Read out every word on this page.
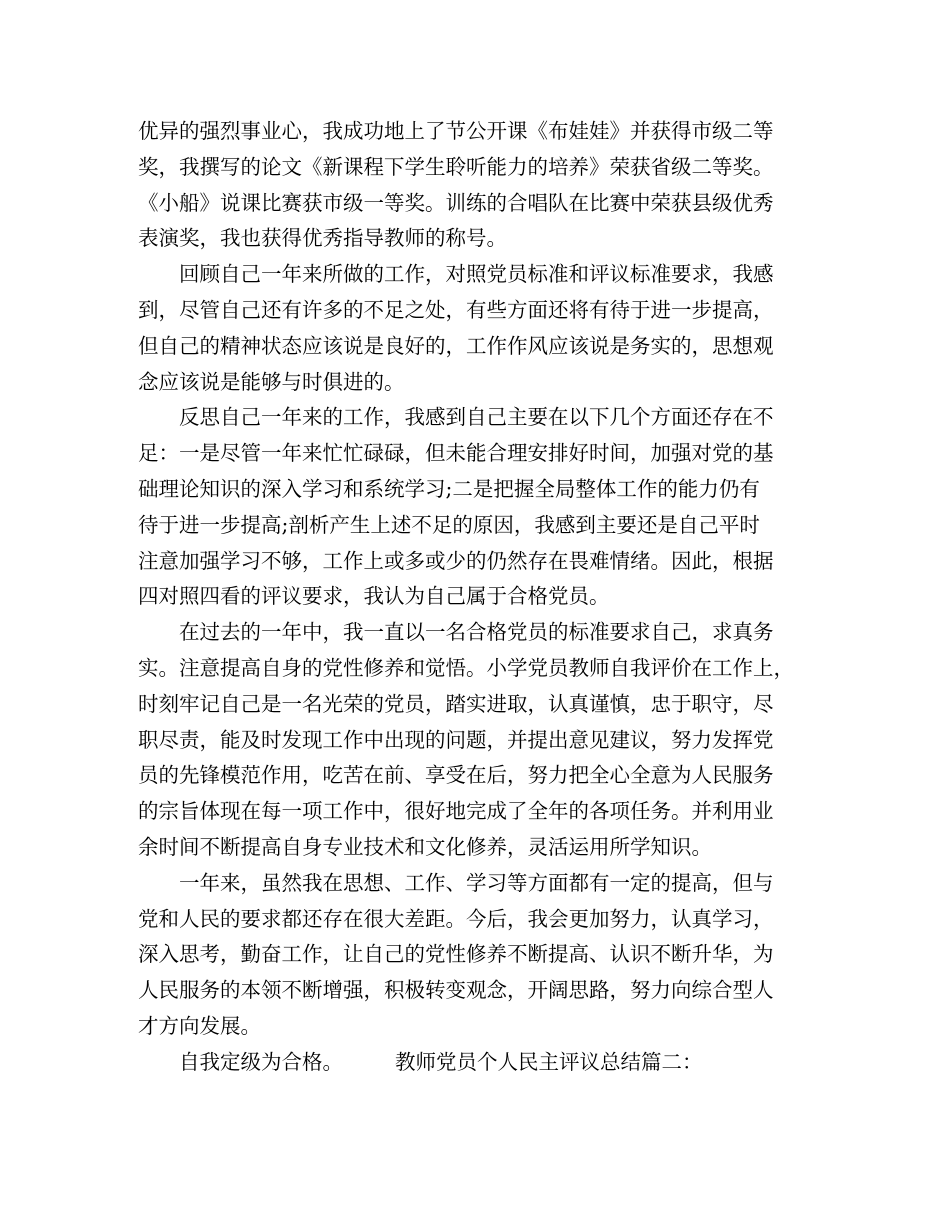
优异的强烈事业心，我成功地上了节公开课《布娃娃》并获得市级二等
奖，我撰写的论文《新课程下学生聆听能力的培养》荣获省级二等奖。
《小船》说课比赛获市级一等奖。训练的合唱队在比赛中荣获县级优秀
表演奖，我也获得优秀指导教师的称号。

回顾自己一年来所做的工作，对照党员标准和评议标准要求，我感
到，尽管自己还有许多的不足之处，有些方面还将有待于进一步提高，
但自己的精神状态应该说是良好的，工作作风应该说是务实的，思想观
念应该说是能够与时俱进的。

反思自己一年来的工作，我感到自己主要在以下几个方面还存在不
足：一是尽管一年来忙忙碌碌，但未能合理安排好时间，加强对党的基
础理论知识的深入学习和系统学习;二是把握全局整体工作的能力仍有
待于进一步提高;剖析产生上述不足的原因，我感到主要还是自己平时
注意加强学习不够，工作上或多或少的仍然存在畏难情绪。因此，根据
四对照四看的评议要求，我认为自己属于合格党员。

在过去的一年中，我一直以一名合格党员的标准要求自己，求真务
实。注意提高自身的党性修养和觉悟。小学党员教师自我评价在工作上，
时刻牢记自己是一名光荣的党员，踏实进取，认真谨慎，忠于职守，尽
职尽责，能及时发现工作中出现的问题，并提出意见建议，努力发挥党
员的先锋模范作用，吃苦在前、享受在后，努力把全心全意为人民服务
的宗旨体现在每一项工作中，很好地完成了全年的各项任务。并利用业
余时间不断提高自身专业技术和文化修养，灵活运用所学知识。

一年来，虽然我在思想、工作、学习等方面都有一定的提高，但与
党和人民的要求都还存在很大差距。今后，我会更加努力，认真学习，
深入思考，勤奋工作，让自己的党性修养不断提高、认识不断升华，为
人民服务的本领不断增强，积极转变观念，开阔思路，努力向综合型人
才方向发展。

自我定级为合格。	教师党员个人民主评议总结篇二：
